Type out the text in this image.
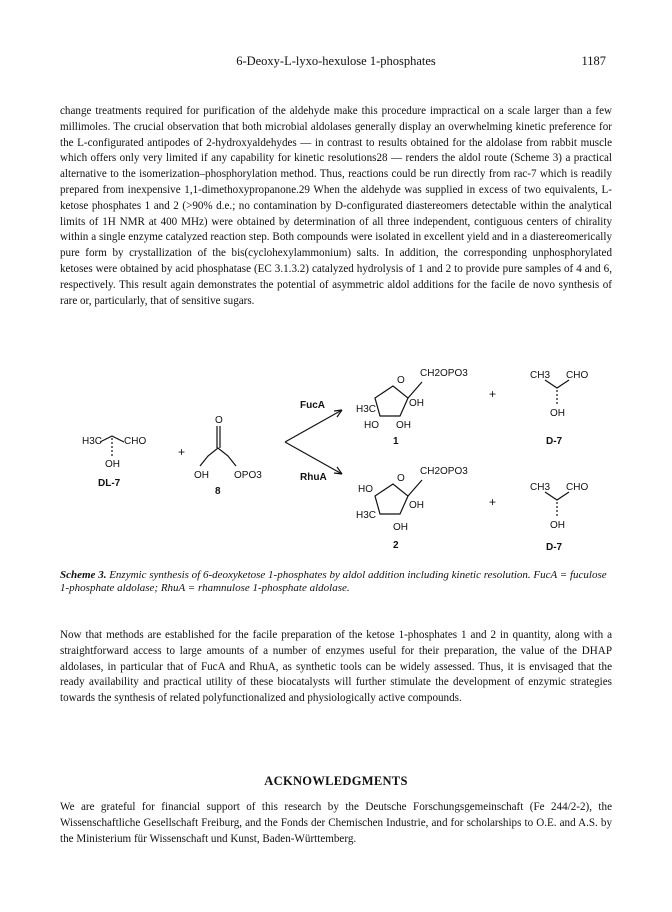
6-Deoxy-L-lyxo-hexulose 1-phosphates	1187

change treatments required for purification of the aldehyde make this procedure impractical on a scale larger than a few millimoles. The crucial observation that both microbial aldolases generally display an overwhelming kinetic preference for the L-configurated antipodes of 2-hydroxyaldehydes — in contrast to results obtained for the aldolase from rabbit muscle which offers only very limited if any capability for kinetic resolutions28 — renders the aldol route (Scheme 3) a practical alternative to the isomerization–phosphorylation method. Thus, reactions could be run directly from rac-7 which is readily prepared from inexpensive 1,1-dimethoxypropanone.29 When the aldehyde was supplied in excess of two equivalents, L-ketose phosphates 1 and 2 (>90% d.e.; no contamination by D-configurated diastereomers detectable within the analytical limits of 1H NMR at 400 MHz) were obtained by determination of all three independent, contiguous centers of chirality within a single enzyme catalyzed reaction step. Both compounds were isolated in excellent yield and in a diastereomerically pure form by crystallization of the bis(cyclohexylammonium) salts. In addition, the corresponding unphosphorylated ketoses were obtained by acid phosphatase (EC 3.1.3.2) catalyzed hydrolysis of 1 and 2 to provide pure samples of 4 and 6, respectively. This result again demonstrates the potential of asymmetric aldol additions for the facile de novo synthesis of rare or, particularly, that of sensitive sugars.

H3C CHO
OH
DL-7
+
O
OH	OPO3
8
FucA
RhuA
O
CH2OPO3
H3C
OH
HO OH
1
+
CH3 CHO
OH
D-7
O
CH2OPO3
HO
H3C
OH
OH
2
+
CH3 CHO
OH
D-7

Scheme 3. Enzymic synthesis of 6-deoxyketose 1-phosphates by aldol addition including kinetic resolution. FucA = fuculose 1-phosphate aldolase; RhuA = rhamnulose 1-phosphate aldolase.

Now that methods are established for the facile preparation of the ketose 1-phosphates 1 and 2 in quantity, along with a straightforward access to large amounts of a number of enzymes useful for their preparation, the value of the DHAP aldolases, in particular that of FucA and RhuA, as synthetic tools can be widely assessed. Thus, it is envisaged that the ready availability and practical utility of these biocatalysts will further stimulate the development of enzymic strategies towards the synthesis of related polyfunctionalized and physiologically active compounds.

ACKNOWLEDGMENTS

We are grateful for financial support of this research by the Deutsche Forschungsgemeinschaft (Fe 244/2-2), the Wissenschaftliche Gesellschaft Freiburg, and the Fonds der Chemischen Industrie, and for scholarships to O.E. and A.S. by the Ministerium für Wissenschaft und Kunst, Baden-Württemberg.
